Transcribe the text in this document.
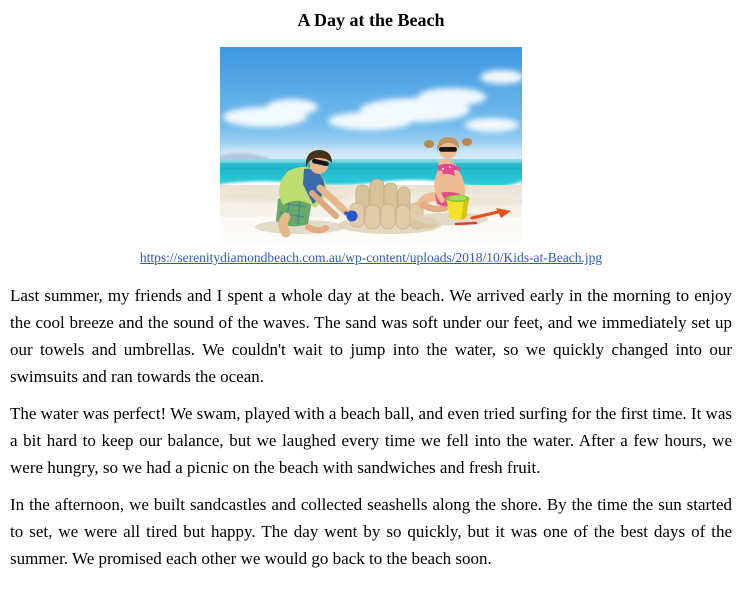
A Day at the Beach
https://serenitydiamondbeach.com.au/wp-content/uploads/2018/10/Kids-at-Beach.jpg

Last summer, my friends and I spent a whole day at the beach. We arrived early in the morning to enjoy the cool breeze and the sound of the waves. The sand was soft under our feet, and we immediately set up our towels and umbrellas. We couldn't wait to jump into the water, so we quickly changed into our swimsuits and ran towards the ocean.

The water was perfect! We swam, played with a beach ball, and even tried surfing for the first time. It was a bit hard to keep our balance, but we laughed every time we fell into the water. After a few hours, we were hungry, so we had a picnic on the beach with sandwiches and fresh fruit.

In the afternoon, we built sandcastles and collected seashells along the shore. By the time the sun started to set, we were all tired but happy. The day went by so quickly, but it was one of the best days of the summer. We promised each other we would go back to the beach soon.
